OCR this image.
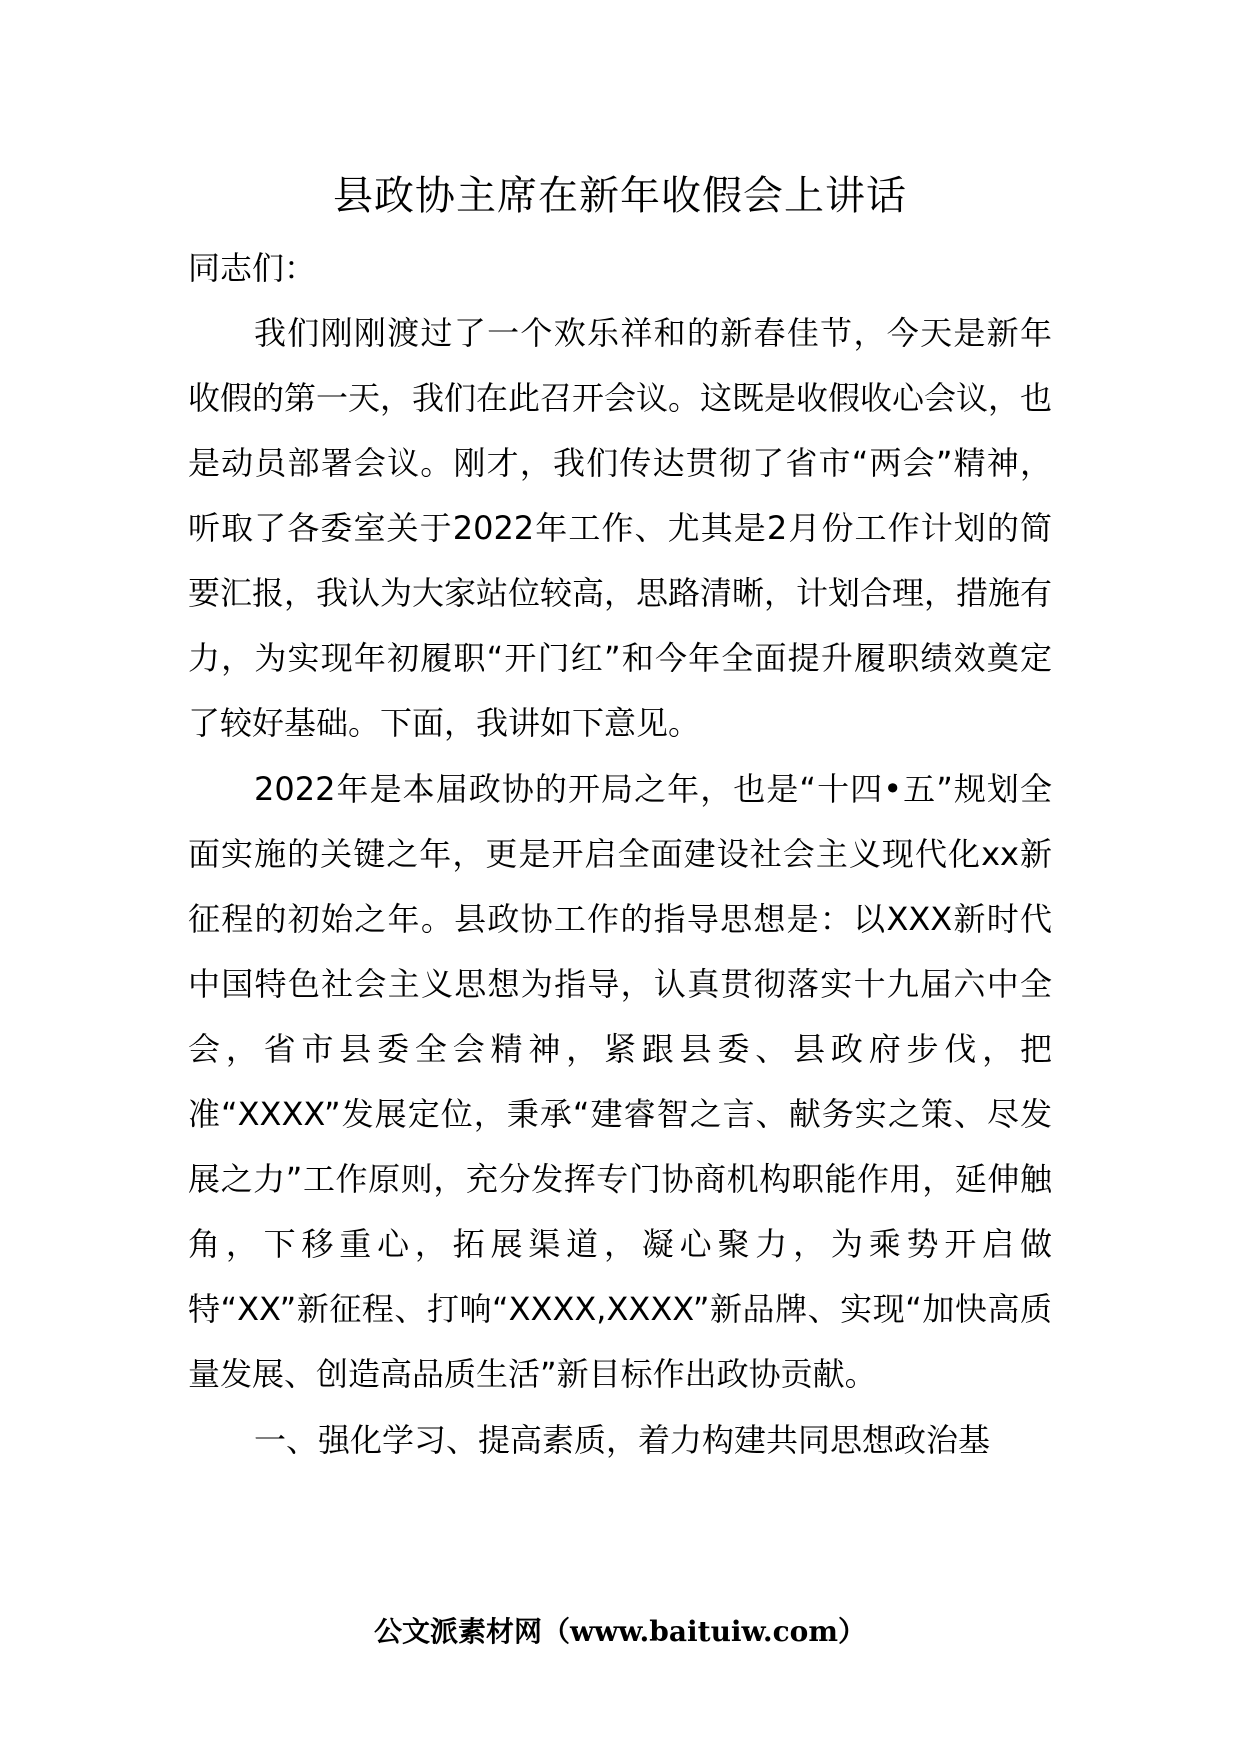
县政协主席在新年收假会上讲话

同志们：

我们刚刚渡过了一个欢乐祥和的新春佳节，今天是新年收假的第一天，我们在此召开会议。这既是收假收心会议，也是动员部署会议。刚才，我们传达贯彻了省市“两会”精神，听取了各委室关于2022年工作、尤其是2月份工作计划的简要汇报，我认为大家站位较高，思路清晰，计划合理，措施有力，为实现年初履职“开门红”和今年全面提升履职绩效奠定了较好基础。下面，我讲如下意见。

2022年是本届政协的开局之年，也是“十四•五”规划全面实施的关键之年，更是开启全面建设社会主义现代化xx新征程的初始之年。县政协工作的指导思想是：以XXX新时代中国特色社会主义思想为指导，认真贯彻落实十九届六中全会，省市县委全会精神，紧跟县委、县政府步伐，把准“XXXX”发展定位，秉承“建睿智之言、献务实之策、尽发展之力”工作原则，充分发挥专门协商机构职能作用，延伸触角，下移重心，拓展渠道，凝心聚力，为乘势开启做特“XX”新征程、打响“XXXX,XXXX”新品牌、实现“加快高质量发展、创造高品质生活”新目标作出政协贡献。

一、强化学习、提高素质，着力构建共同思想政治基

公文派素材网（www.baituiw.com）
